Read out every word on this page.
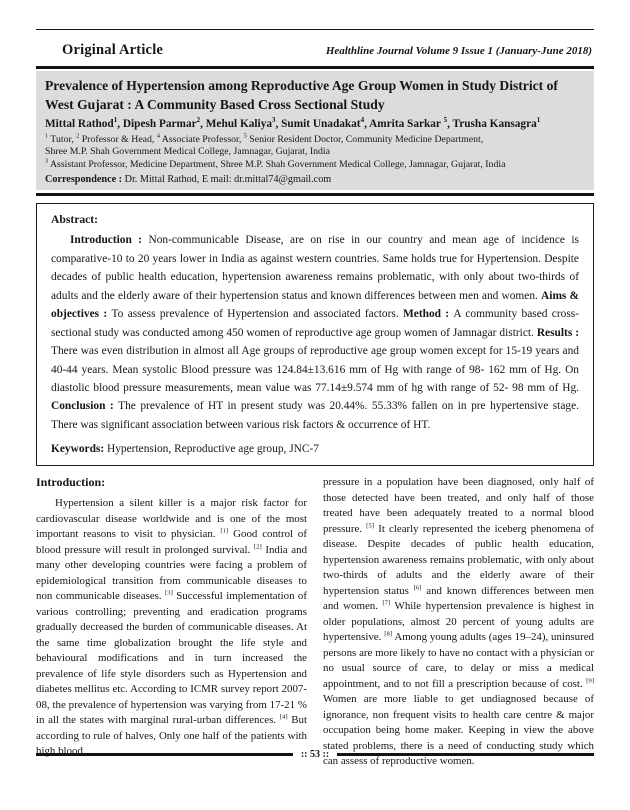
Original Article	Healthline Journal Volume 9 Issue 1 (January-June 2018)
Prevalence of Hypertension among Reproductive Age Group Women in Study District of West Gujarat : A Community Based Cross Sectional Study
Mittal Rathod$^1$, Dipesh Parmar$^2$, Mehul Kaliya$^3$, Sumit Unadakat$^4$, Amrita Sarkar $^5$, Trusha Kansagra$^1$
$^1$ Tutor, $^2$ Professor & Head, $^4$ Associate Professor, $^5$ Senior Resident Doctor, Community Medicine Department,
Shree M.P. Shah Government Medical College, Jamnagar, Gujarat, India
$^3$ Assistant Professor, Medicine Department, Shree M.P. Shah Government Medical College, Jamnagar, Gujarat, India
Correspondence : Dr. Mittal Rathod, E mail: dr.mittal74@gmail.com
Abstract:

Introduction : Non-communicable Disease, are on rise in our country and mean age of incidence is comparative-10 to 20 years lower in India as against western countries. Same holds true for Hypertension. Despite decades of public health education, hypertension awareness remains problematic, with only about two-thirds of adults and the elderly aware of their hypertension status and known differences between men and women. Aims & objectives : To assess prevalence of Hypertension and associated factors. Method : A community based cross-sectional study was conducted among 450 women of reproductive age group women of Jamnagar district. Results : There was even distribution in almost all Age groups of reproductive age group women except for 15-19 years and 40-44 years. Mean systolic Blood pressure was 124.84±13.616 mm of Hg with range of 98- 162 mm of Hg. On diastolic blood pressure measurements, mean value was 77.14±9.574 mm of hg with range of 52- 98 mm of Hg. Conclusion : The prevalence of HT in present study was 20.44%. 55.33% fallen on in pre hypertensive stage. There was significant association between various risk factors & occurrence of HT.

Keywords: Hypertension, Reproductive age group, JNC-7
Introduction:

Hypertension a silent killer is a major risk factor for cardiovascular disease worldwide and is one of the most important reasons to visit to physician. [1] Good control of blood pressure will result in prolonged survival. [2] India and many other developing countries were facing a problem of epidemiological transition from communicable diseases to non communicable diseases. [3] Successful implementation of various controlling; preventing and eradication programs gradually decreased the burden of communicable diseases. At the same time globalization brought the life style and behavioural modifications and in turn increased the prevalence of life style disorders such as Hypertension and diabetes mellitus etc. According to ICMR survey report 2007-08, the prevalence of hypertension was varying from 17-21 % in all the states with marginal rural-urban differences. [4] But according to rule of halves, Only one half of the patients with high blood

pressure in a population have been diagnosed, only half of those detected have been treated, and only half of those treated have been adequately treated to a normal blood pressure. [5] It clearly represented the iceberg phenomena of disease. Despite decades of public health education, hypertension awareness remains problematic, with only about two-thirds of adults and the elderly aware of their hypertension status [6] and known differences between men and women. [7] While hypertension prevalence is highest in older populations, almost 20 percent of young adults are hypertensive. [8] Among young adults (ages 19–24), uninsured persons are more likely to have no contact with a physician or no usual source of care, to delay or miss a medical appointment, and to not fill a prescription because of cost. [9] Women are more liable to get undiagnosed because of ignorance, non frequent visits to health care centre & major occupation being home maker. Keeping in view the above stated problems, there is a need of conducting study which can assess of reproductive women.

:: 53 ::
